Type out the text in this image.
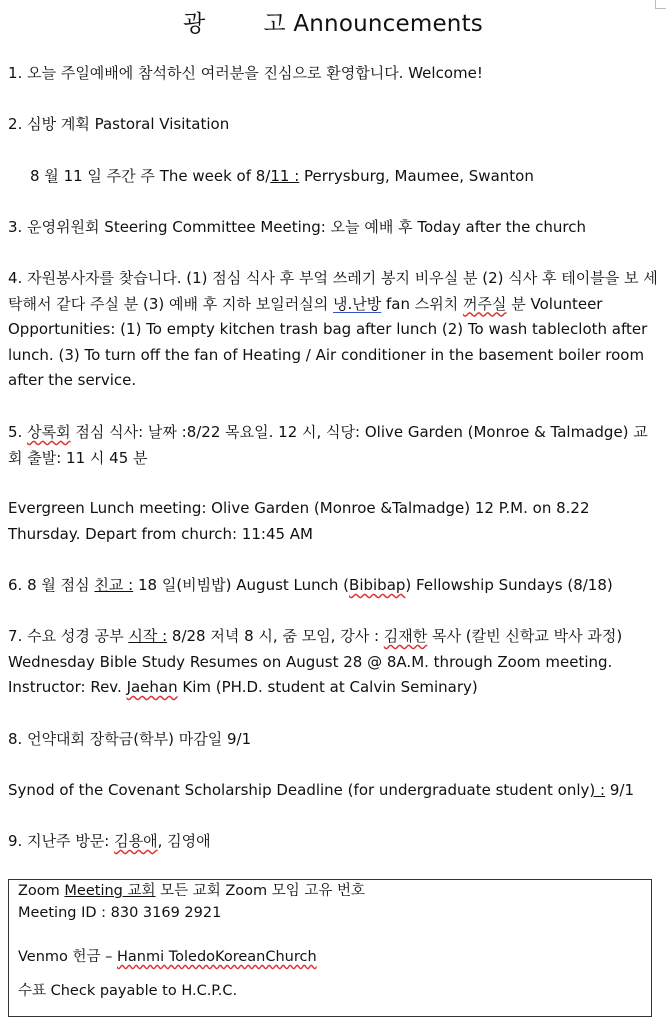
광	고 Announcements

1. 오늘 주일예배에 참석하신 여러분을 진심으로 환영합니다. Welcome!

2. 심방 계획 Pastoral Visitation

8 월 11 일 주간 주 The week of 8/11 : Perrysburg, Maumee, Swanton

3. 운영위원회 Steering Committee Meeting: 오늘 예배 후 Today after the church

4. 자원봉사자를 찾습니다. (1) 점심 식사 후 부엌 쓰레기 봉지 비우실 분 (2) 식사 후 테이블을 보 세탁해서 같다 주실 분 (3) 예배 후 지하 보일러실의 냉.난방 fan 스위치 꺼주실 분 Volunteer Opportunities: (1) To empty kitchen trash bag after lunch (2) To wash tablecloth after lunch. (3) To turn off the fan of Heating / Air conditioner in the basement boiler room after the service.

5. 상록회 점심 식사: 날짜 :8/22 목요일. 12 시, 식당: Olive Garden (Monroe & Talmadge) 교회 출발: 11 시 45 분

Evergreen Lunch meeting: Olive Garden (Monroe &Talmadge) 12 P.M. on 8.22 Thursday. Depart from church: 11:45 AM

6. 8 월 점심 친교 : 18 일(비빔밥) August Lunch (Bibibap) Fellowship Sundays (8/18)

7. 수요 성경 공부 시작 : 8/28 저녁 8 시, 줌 모임, 강사 : 김재한 목사 (칼빈 신학교 박사 과정) Wednesday Bible Study Resumes on August 28 @ 8A.M. through Zoom meeting. Instructor: Rev. Jaehan Kim (PH.D. student at Calvin Seminary)

8. 언약대회 장학금(학부) 마감일 9/1

Synod of the Covenant Scholarship Deadline (for undergraduate student only) : 9/1

9. 지난주 방문: 김용애, 김영애

Zoom Meeting 교회 모든 교회 Zoom 모임 고유 번호
Meeting ID : 830 3169 2921
Venmo 헌금 – Hanmi ToledoKoreanChurch
수표 Check payable to H.C.P.C.
